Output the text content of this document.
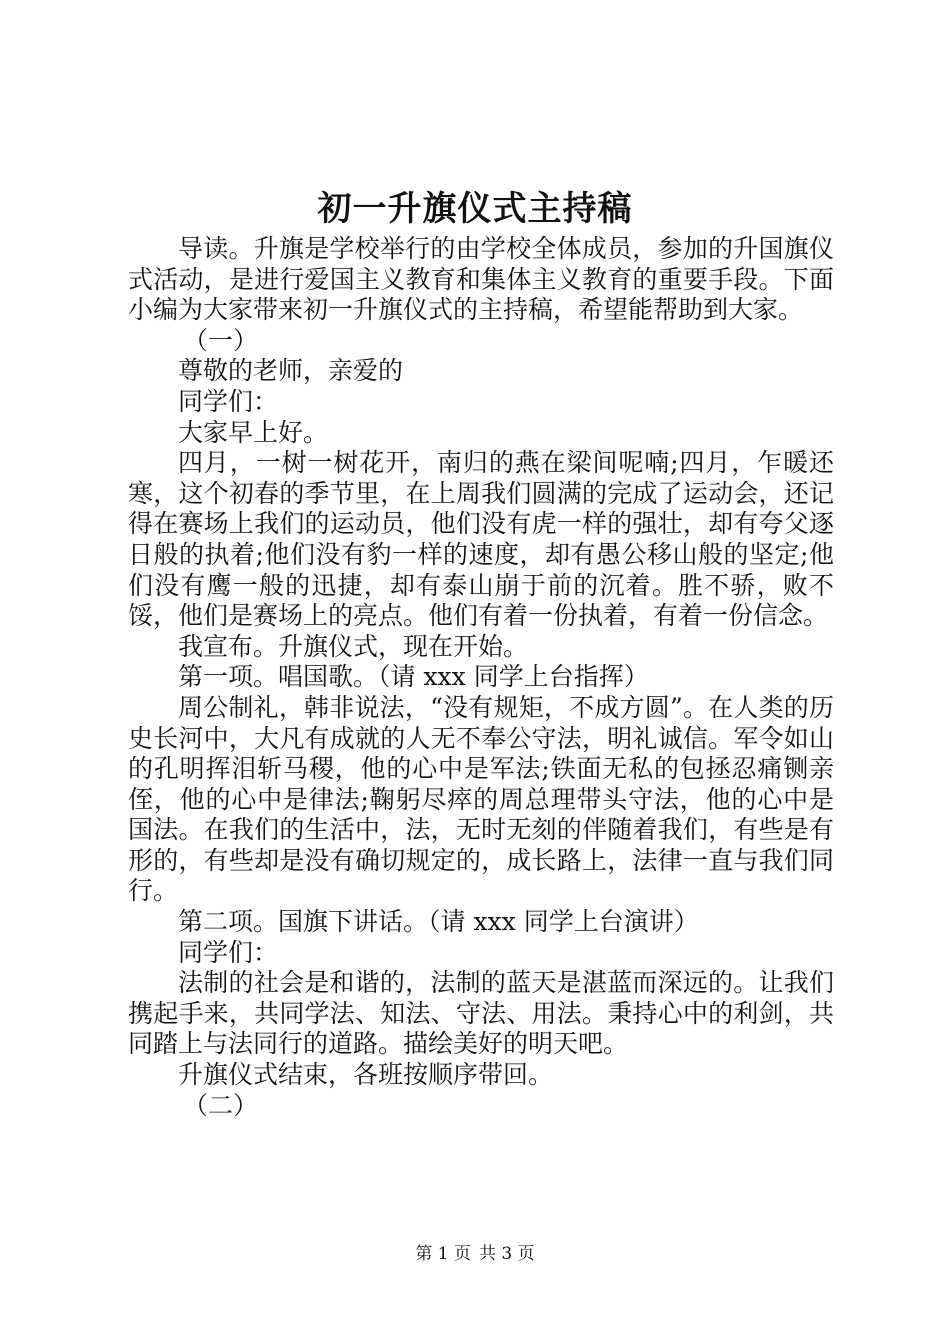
初一升旗仪式主持稿

导读。升旗是学校举行的由学校全体成员，参加的升国旗仪式活动，是进行爱国主义教育和集体主义教育的重要手段。下面小编为大家带来初一升旗仪式的主持稿，希望能帮助到大家。

（一）

尊敬的老师，亲爱的

同学们：

大家早上好。

四月，一树一树花开，南归的燕在梁间呢喃;四月，乍暖还寒，这个初春的季节里，在上周我们圆满的完成了运动会，还记得在赛场上我们的运动员，他们没有虎一样的强壮，却有夸父逐日般的执着;他们没有豹一样的速度，却有愚公移山般的坚定;他们没有鹰一般的迅捷，却有泰山崩于前的沉着。胜不骄，败不馁，他们是赛场上的亮点。他们有着一份执着，有着一份信念。

我宣布。升旗仪式，现在开始。

第一项。唱国歌。（请 xxx 同学上台指挥）

周公制礼，韩非说法，“没有规矩，不成方圆”。在人类的历史长河中，大凡有成就的人无不奉公守法，明礼诚信。军令如山的孔明挥泪斩马稷，他的心中是军法;铁面无私的包拯忍痛铡亲侄，他的心中是律法;鞠躬尽瘁的周总理带头守法，他的心中是国法。在我们的生活中，法，无时无刻的伴随着我们，有些是有形的，有些却是没有确切规定的，成长路上，法律一直与我们同行。

第二项。国旗下讲话。（请 xxx 同学上台演讲）

同学们：

法制的社会是和谐的，法制的蓝天是湛蓝而深远的。让我们携起手来，共同学法、知法、守法、用法。秉持心中的利剑，共同踏上与法同行的道路。描绘美好的明天吧。

升旗仪式结束，各班按顺序带回。

（二）

第 1 页 共 3 页
